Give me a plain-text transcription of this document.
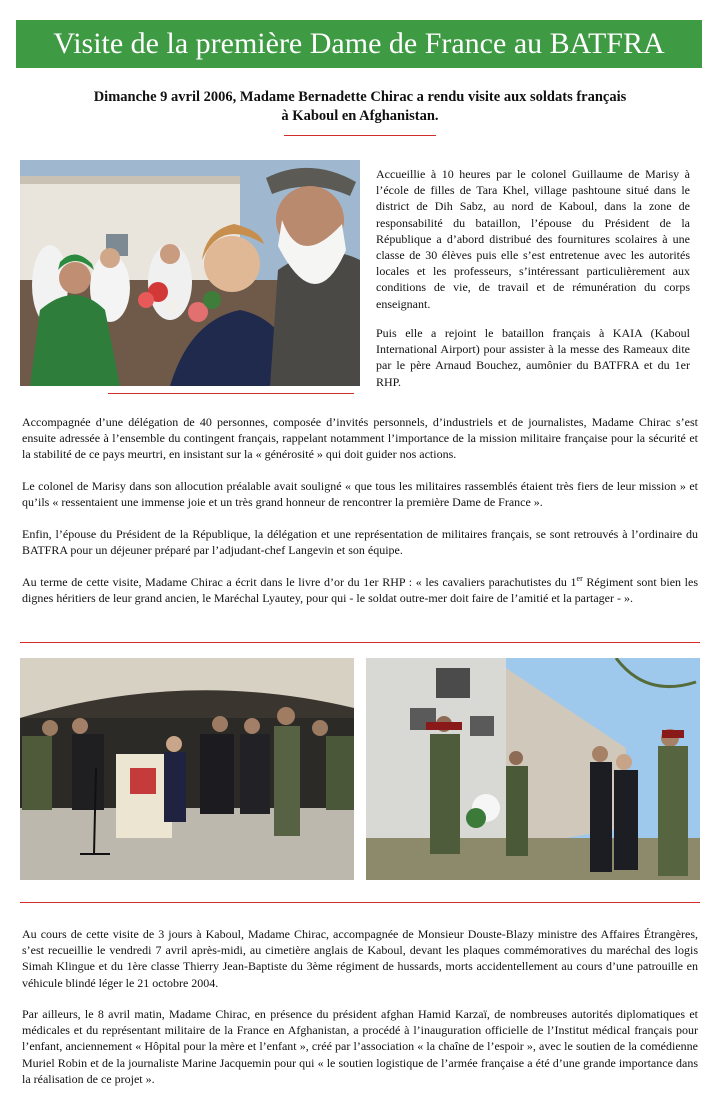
Visite de la première Dame de France au BATFRA
Dimanche 9 avril 2006, Madame Bernadette Chirac a rendu visite aux soldats français
à Kaboul en Afghanistan.

Accueillie à 10 heures par le colonel Guillaume de Marisy à l’école de filles de Tara Khel, village pashtoune situé dans le district de Dih Sabz, au nord de Kaboul, dans la zone de responsabilité du bataillon, l’épouse du Président de la République a d’abord distribué des fournitures scolaires à une classe de 30 élèves puis elle s’est entretenue avec les autorités locales et les professeurs, s’intéressant particulièrement aux conditions de vie, de travail et de rémunération du corps enseignant.

Puis elle a rejoint le bataillon français à KAIA (Kaboul International Airport) pour assister à la messe des Rameaux dite par le père Arnaud Bouchez, aumônier du BATFRA et du 1er RHP.

Accompagnée d’une délégation de 40 personnes, composée d’invités personnels, d’industriels et de journalistes, Madame Chirac s’est ensuite adressée à l’ensemble du contingent français, rappelant notamment l’importance de la mission militaire française pour la sécurité et la stabilité de ce pays meurtri, en insistant sur la « générosité » qui doit guider nos actions.

Le colonel de Marisy dans son allocution préalable avait souligné « que tous les militaires rassemblés étaient très fiers de leur mission » et qu’ils « ressentaient une immense joie et un très grand honneur de rencontrer la première Dame de France ».

Enfin, l’épouse du Président de la République, la délégation et une représentation de militaires français, se sont retrouvés à l’ordinaire du BATFRA pour un déjeuner préparé par l’adjudant-chef Langevin et son équipe.

Au terme de cette visite, Madame Chirac a écrit dans le livre d’or du 1er RHP : « les cavaliers parachutistes du 1er Régiment sont bien les dignes héritiers de leur grand ancien, le Maréchal Lyautey, pour qui - le soldat outre-mer doit faire de l’amitié et la partager - ».

Au cours de cette visite de 3 jours à Kaboul, Madame Chirac, accompagnée de Monsieur Douste-Blazy ministre des Affaires Étrangères, s’est recueillie le vendredi 7 avril après-midi, au cimetière anglais de Kaboul, devant les plaques commémoratives du maréchal des logis Simah Klingue et du 1ère classe Thierry Jean-Baptiste du 3ème régiment de hussards, morts accidentellement au cours d’une patrouille en véhicule blindé léger le 21 octobre 2004.

Par ailleurs, le 8 avril matin, Madame Chirac, en présence du président afghan Hamid Karzaï, de nombreuses autorités diplomatiques et médicales et du représentant militaire de la France en Afghanistan, a procédé à l’inauguration officielle de l’Institut médical français pour l’enfant, anciennement « Hôpital pour la mère et l’enfant », créé par l’association « la chaîne de l’espoir », avec le soutien de la comédienne Muriel Robin et de la journaliste Marine Jacquemin pour qui « le soutien logistique de l’armée française a été d’une grande importance dans la réalisation de ce projet ».
